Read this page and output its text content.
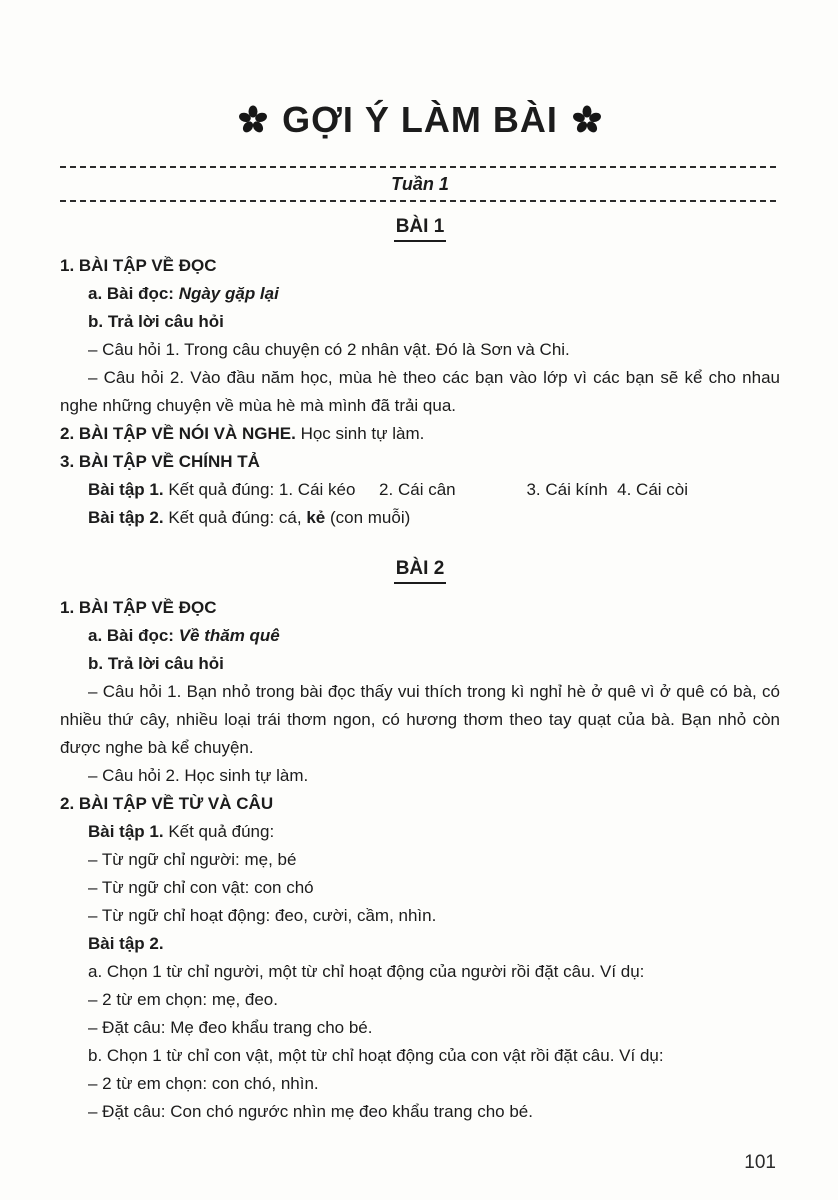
GỢI Ý LÀM BÀI
Tuần 1
BÀI 1

1. BÀI TẬP VỀ ĐỌC

a. Bài đọc: Ngày gặp lại

b. Trả lời câu hỏi

– Câu hỏi 1. Trong câu chuyện có 2 nhân vật. Đó là Sơn và Chi.

– Câu hỏi 2. Vào đầu năm học, mùa hè theo các bạn vào lớp vì các bạn sẽ kể cho nhau nghe những chuyện về mùa hè mà mình đã trải qua.

2. BÀI TẬP VỀ NÓI VÀ NGHE. Học sinh tự làm.

3. BÀI TẬP VỀ CHÍNH TẢ

Bài tập 1. Kết quả đúng: 1. Cái kéo     2. Cái cân               3. Cái kính  4. Cái còi

Bài tập 2. Kết quả đúng: cá, kẻ (con muỗi)

BÀI 2

1. BÀI TẬP VỀ ĐỌC

a. Bài đọc: Về thăm quê

b. Trả lời câu hỏi

– Câu hỏi 1. Bạn nhỏ trong bài đọc thấy vui thích trong kì nghỉ hè ở quê vì ở quê có bà, có nhiều thứ cây, nhiều loại trái thơm ngon, có hương thơm theo tay quạt của bà. Bạn nhỏ còn được nghe bà kể chuyện.

– Câu hỏi 2. Học sinh tự làm.

2. BÀI TẬP VỀ TỪ VÀ CÂU

Bài tập 1. Kết quả đúng:

– Từ ngữ chỉ người: mẹ, bé

– Từ ngữ chỉ con vật: con chó

– Từ ngữ chỉ hoạt động: đeo, cười, cầm, nhìn.

Bài tập 2.

a. Chọn 1 từ chỉ người, một từ chỉ hoạt động của người rồi đặt câu. Ví dụ:

– 2 từ em chọn: mẹ, đeo.

– Đặt câu: Mẹ đeo khẩu trang cho bé.

b. Chọn 1 từ chỉ con vật, một từ chỉ hoạt động của con vật rồi đặt câu. Ví dụ:

– 2 từ em chọn: con chó, nhìn.

– Đặt câu: Con chó ngước nhìn mẹ đeo khẩu trang cho bé.

101
